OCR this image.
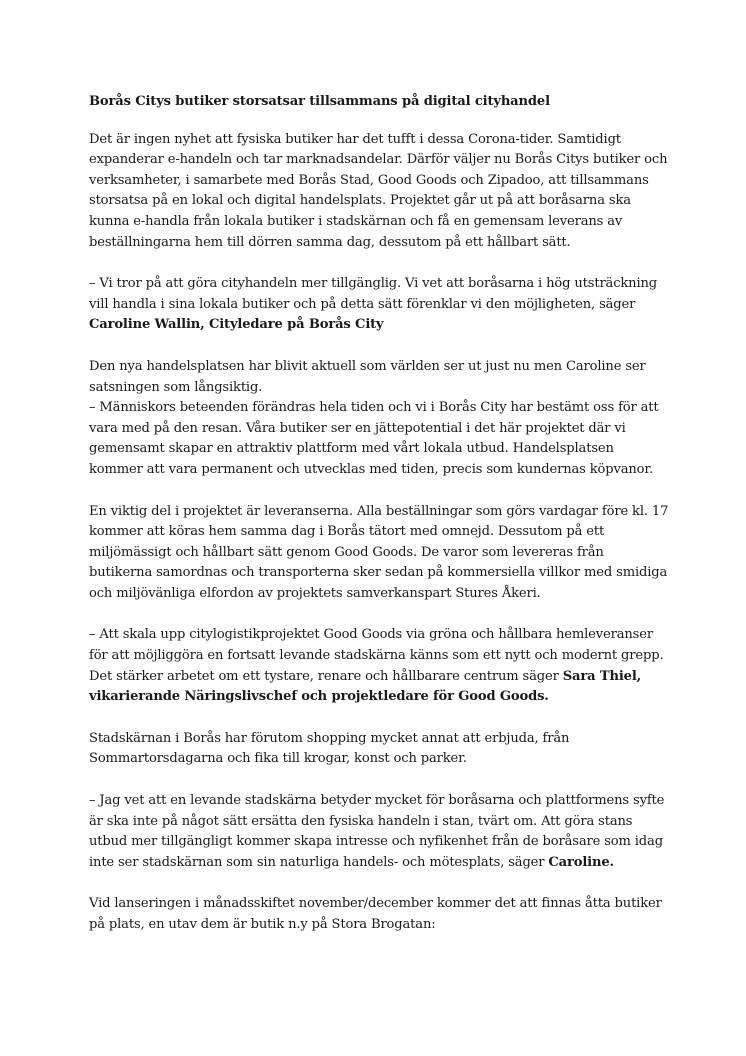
Borås Citys butiker storsatsar tillsammans på digital cityhandel
Det är ingen nyhet att fysiska butiker har det tufft i dessa Corona-tider. Samtidigt expanderar e-handeln och tar marknadsandelar. Därför väljer nu Borås Citys butiker och verksamheter, i samarbete med Borås Stad, Good Goods och Zipadoo, att tillsammans storsatsa på en lokal och digital handelsplats. Projektet går ut på att boråsarna ska kunna e-handla från lokala butiker i stadskärnan och få en gemensam leverans av beställningarna hem till dörren samma dag, dessutom på ett hållbart sätt.
– Vi tror på att göra cityhandeln mer tillgänglig. Vi vet att boråsarna i hög utsträckning vill handla i sina lokala butiker och på detta sätt förenklar vi den möjligheten, säger Caroline Wallin, Cityledare på Borås City
Den nya handelsplatsen har blivit aktuell som världen ser ut just nu men Caroline ser satsningen som långsiktig.
– Människors beteenden förändras hela tiden och vi i Borås City har bestämt oss för att vara med på den resan. Våra butiker ser en jättepotential i det här projektet där vi gemensamt skapar en attraktiv plattform med vårt lokala utbud. Handelsplatsen kommer att vara permanent och utvecklas med tiden, precis som kundernas köpvanor.
En viktig del i projektet är leveranserna. Alla beställningar som görs vardagar före kl. 17 kommer att köras hem samma dag i Borås tätort med omnejd. Dessutom på ett miljömässigt och hållbart sätt genom Good Goods. De varor som levereras från butikerna samordnas och transporterna sker sedan på kommersiella villkor med smidiga och miljövänliga elfordon av projektets samverkanspart Stures Åkeri.
– Att skala upp citylogistikprojektet Good Goods via gröna och hållbara hemleveranser för att möjliggöra en fortsatt levande stadskärna känns som ett nytt och modernt grepp. Det stärker arbetet om ett tystare, renare och hållbarare centrum säger Sara Thiel, vikarierande Näringslivschef och projektledare för Good Goods.
Stadskärnan i Borås har förutom shopping mycket annat att erbjuda, från Sommartorsdagarna och fika till krogar, konst och parker.
– Jag vet att en levande stadskärna betyder mycket för boråsarna och plattformens syfte är ska inte på något sätt ersätta den fysiska handeln i stan, tvärt om. Att göra stans utbud mer tillgängligt kommer skapa intresse och nyfikenhet från de boråsare som idag inte ser stadskärnan som sin naturliga handels- och mötesplats, säger Caroline.
Vid lanseringen i månadsskiftet november/december kommer det att finnas åtta butiker på plats, en utav dem är butik n.y på Stora Brogatan:
